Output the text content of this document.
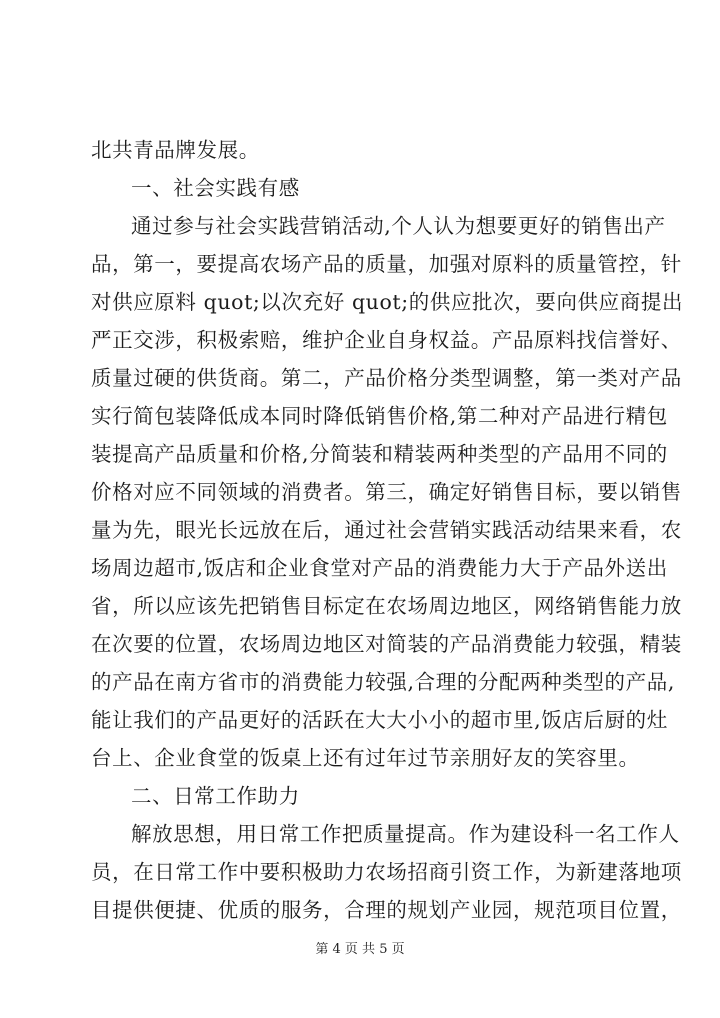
北共青品牌发展。
一、社会实践有感
通过参与社会实践营销活动,个人认为想要更好的销售出产
品，第一，要提高农场产品的质量，加强对原料的质量管控，针
对供应原料 quot;以次充好 quot;的供应批次，要向供应商提出
严正交涉，积极索赔，维护企业自身权益。产品原料找信誉好、
质量过硬的供货商。第二，产品价格分类型调整，第一类对产品
实行简包装降低成本同时降低销售价格,第二种对产品进行精包
装提高产品质量和价格,分简装和精装两种类型的产品用不同的
价格对应不同领域的消费者。第三，确定好销售目标，要以销售
量为先，眼光长远放在后，通过社会营销实践活动结果来看，农
场周边超市,饭店和企业食堂对产品的消费能力大于产品外送出
省，所以应该先把销售目标定在农场周边地区，网络销售能力放
在次要的位置，农场周边地区对简装的产品消费能力较强，精装
的产品在南方省市的消费能力较强,合理的分配两种类型的产品,
能让我们的产品更好的活跃在大大小小的超市里,饭店后厨的灶
台上、企业食堂的饭桌上还有过年过节亲朋好友的笑容里。
二、日常工作助力
解放思想，用日常工作把质量提高。作为建设科一名工作人
员，在日常工作中要积极助力农场招商引资工作，为新建落地项
目提供便捷、优质的服务，合理的规划产业园，规范项目位置，
第 4 页 共 5 页
